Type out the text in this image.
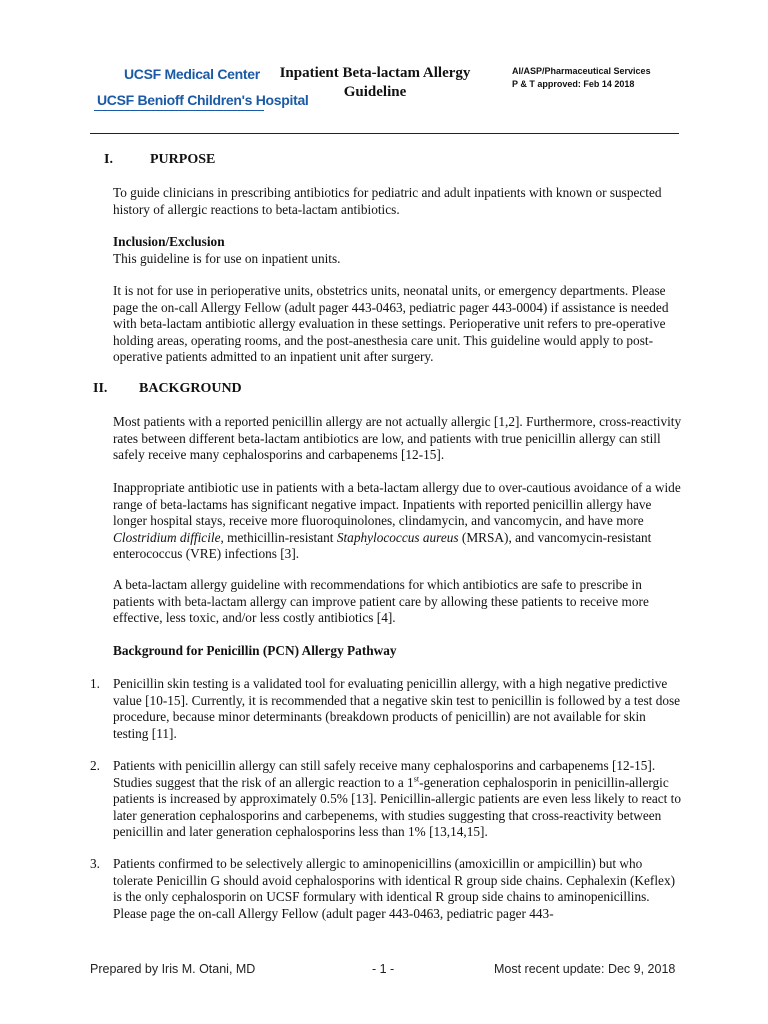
UCSF Medical Center
UCSF Benioff Children's Hospital
Inpatient Beta-lactam Allergy
Guideline
AI/ASP/Pharmaceutical Services
P & T approved: Feb 14 2018
I.	PURPOSE
To guide clinicians in prescribing antibiotics for pediatric and adult inpatients with known or suspected history of allergic reactions to beta-lactam antibiotics.
Inclusion/Exclusion
This guideline is for use on inpatient units.
It is not for use in perioperative units, obstetrics units, neonatal units, or emergency departments. Please page the on-call Allergy Fellow (adult pager 443-0463, pediatric pager 443-0004) if assistance is needed with beta-lactam antibiotic allergy evaluation in these settings. Perioperative unit refers to pre-operative holding areas, operating rooms, and the post-anesthesia care unit. This guideline would apply to post-operative patients admitted to an inpatient unit after surgery.
II. BACKGROUND
Most patients with a reported penicillin allergy are not actually allergic [1,2]. Furthermore, cross-reactivity rates between different beta-lactam antibiotics are low, and patients with true penicillin allergy can still safely receive many cephalosporins and carbapenems [12-15].
Inappropriate antibiotic use in patients with a beta-lactam allergy due to over-cautious avoidance of a wide range of beta-lactams has significant negative impact. Inpatients with reported penicillin allergy have longer hospital stays, receive more fluoroquinolones, clindamycin, and vancomycin, and have more Clostridium difficile, methicillin-resistant Staphylococcus aureus (MRSA), and vancomycin-resistant enterococcus (VRE) infections [3].
A beta-lactam allergy guideline with recommendations for which antibiotics are safe to prescribe in patients with beta-lactam allergy can improve patient care by allowing these patients to receive more effective, less toxic, and/or less costly antibiotics [4].
Background for Penicillin (PCN) Allergy Pathway
1. Penicillin skin testing is a validated tool for evaluating penicillin allergy, with a high negative predictive value [10-15]. Currently, it is recommended that a negative skin test to penicillin is followed by a test dose procedure, because minor determinants (breakdown products of penicillin) are not available for skin testing [11].
2. Patients with penicillin allergy can still safely receive many cephalosporins and carbapenems [12-15]. Studies suggest that the risk of an allergic reaction to a 1st-generation cephalosporin in penicillin-allergic patients is increased by approximately 0.5% [13]. Penicillin-allergic patients are even less likely to react to later generation cephalosporins and carbepenems, with studies suggesting that cross-reactivity between penicillin and later generation cephalosporins less than 1% [13,14,15].
3. Patients confirmed to be selectively allergic to aminopenicillins (amoxicillin or ampicillin) but who tolerate Penicillin G should avoid cephalosporins with identical R group side chains. Cephalexin (Keflex) is the only cephalosporin on UCSF formulary with identical R group side chains to aminopenicillins. Please page the on-call Allergy Fellow (adult pager 443-0463, pediatric pager 443-
Prepared by Iris M. Otani, MD	- 1 -	Most recent update: Dec 9, 2018
